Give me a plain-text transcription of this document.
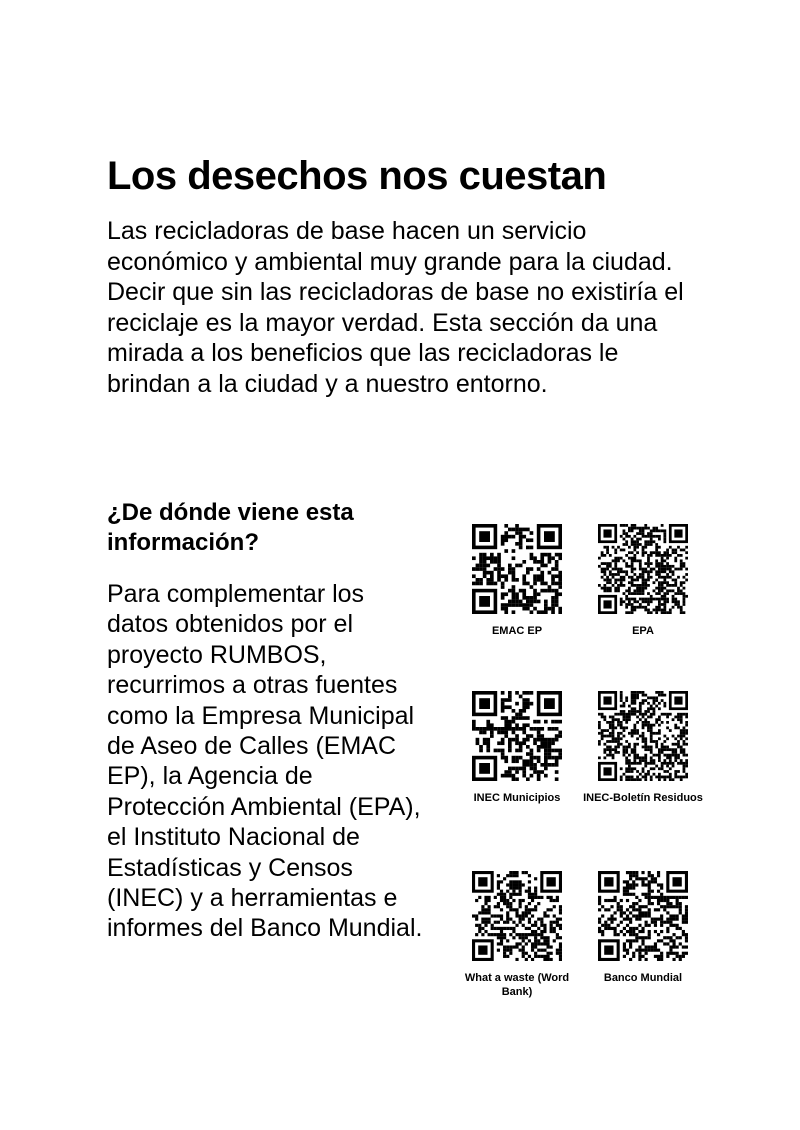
Los desechos nos cuestan

Las recicladoras de base hacen un servicio económico y ambiental muy grande para la ciudad. Decir que sin las recicladoras de base no existiría el reciclaje es la mayor verdad. Esta sección da una mirada a los beneficios que las recicladoras le brindan a la ciudad y a nuestro entorno.

¿De dónde viene esta información?

Para complementar los datos obtenidos por el proyecto RUMBOS, recurrimos a otras fuentes como la Empresa Municipal de Aseo de Calles (EMAC EP), la Agencia de Protección Ambiental (EPA), el Instituto Nacional de Estadísticas y Censos (INEC) y a herramientas e informes del Banco Mundial.

EMAC EP	EPA
INEC Municipios	INEC-Boletín Residuos
What a waste (Word Bank)
Banco Mundial
